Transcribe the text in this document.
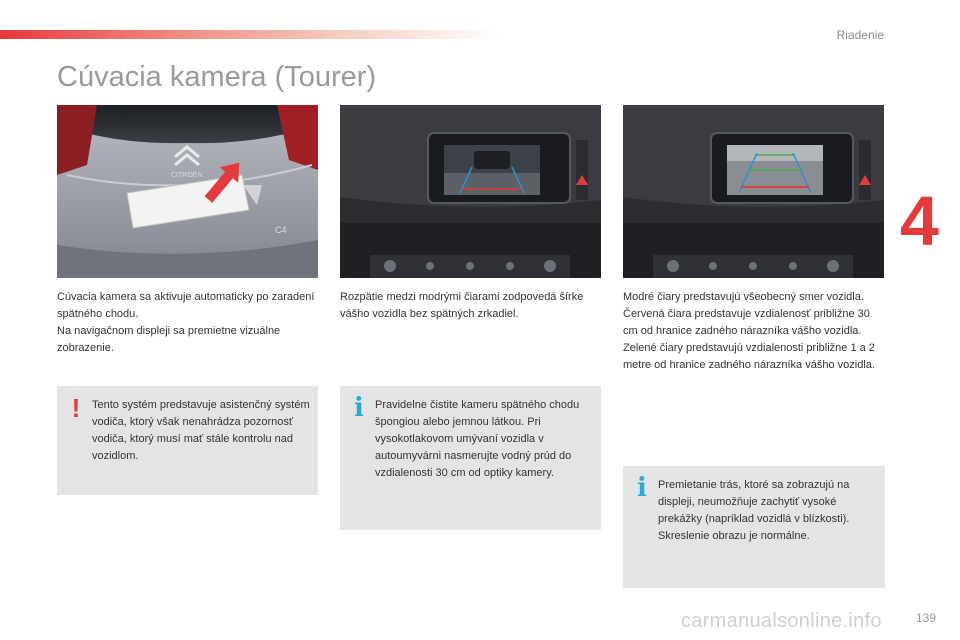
Riadenie
4
Cúvacia kamera (Tourer)
CITROËN
C4

Cúvacia kamera sa aktivuje automaticky po zaradení spätného chodu.

Na navigačnom displeji sa premietne vizuálne zobrazenie.

Rozpätie medzi modrými čiarami zodpovedá šírke vášho vozidla bez spätných zrkadiel.

Modré čiary predstavujú všeobecný smer vozidla.

Červená čiara predstavuje vzdialenosť približne 30 cm od hranice zadného nárazníka vášho vozidla.

Zelené čiary predstavujú vzdialenosti približne 1 a 2 metre od hranice zadného nárazníka vášho vozidla.

!	Tento systém predstavuje asistenčný systém vodiča, ktorý však nenahrádza pozornosť vodiča, ktorý musí mať stále kontrolu nad vozidlom.
i Pravidelne čistite kameru spätného chodu špongiou alebo jemnou látkou. Pri vysokotlakovom umývaní vozidla v autoumyvárni nasmerujte vodný prúd do vzdialenosti 30 cm od optiky kamery.	i Premietanie trás, ktoré sa zobrazujú na displeji, neumožňuje zachytiť vysoké prekážky (napríklad vozidlá v blízkosti). Skreslenie obrazu je normálne.
carmanualsonline.info	139
